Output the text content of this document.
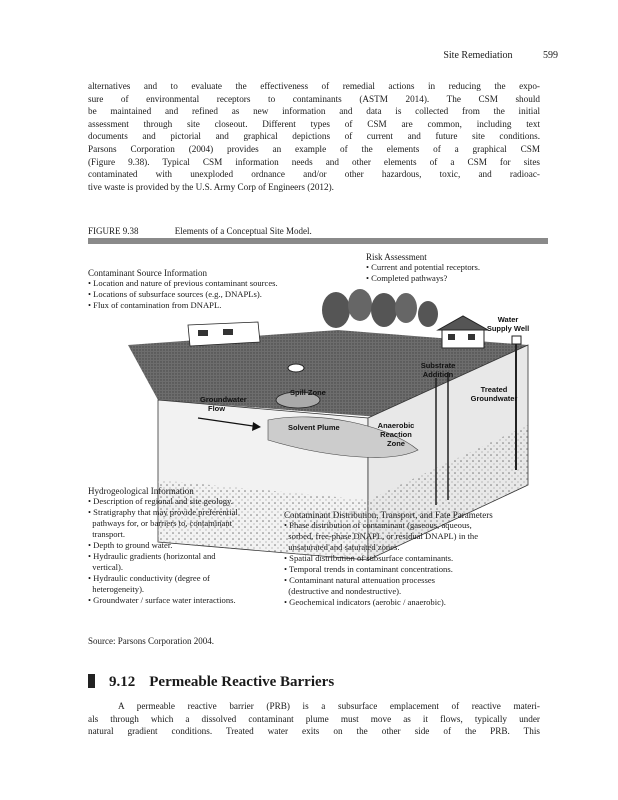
Site Remediation	599
alternatives and to evaluate the effectiveness of remedial actions in reducing the expo-
sure of environmental receptors to contaminants (ASTM 2014). The CSM should
be maintained and refined as new information and data is collected from the initial
assessment through site closeout. Different types of CSM are common, including text
documents and pictorial and graphical depictions of current and future site conditions.
Parsons Corporation (2004) provides an example of the elements of a graphical CSM
(Figure 9.38). Typical CSM information needs and other elements of a CSM for sites
contaminated with unexploded ordnance and/or other hazardous, toxic, and radioac-
tive waste is provided by the U.S. Army Corp of Engineers (2012).
FIGURE 9.38	Elements of a Conceptual Site Model.
Water Supply Well
Substrate Addition
Treated Groundwater
Groundwater Flow
Spill Zone
Solvent Plume	Anaerobic Reaction Zone
Risk Assessment
• Current and potential receptors.
• Completed pathways?
Contaminant Source Information
• Location and nature of previous contaminant sources.
• Locations of subsurface sources (e.g., DNAPLs).
• Flux of contamination from DNAPL.
Hydrogeological Information
• Description of regional and site geology.
• Stratigraphy that may provide preferential
pathways for, or barriers to, contaminant
transport.
• Depth to ground water.
• Hydraulic gradients (horizontal and
vertical).
• Hydraulic conductivity (degree of
heterogeneity).
• Groundwater / surface water interactions.
Contaminant Distribution, Transport, and Fate Parameters
• Phase distribution of contaminant (gaseous, aqueous,
sorbed, free-phase DNAPL, or residual DNAPL) in the
unsaturated and saturated zones.
• Spatial distribution of subsurface contaminants.
• Temporal trends in contaminant concentrations.
• Contaminant natural attenuation processes
(destructive and nondestructive).
• Geochemical indicators (aerobic / anaerobic).
Source: Parsons Corporation 2004.
9.12 Permeable Reactive Barriers
A permeable reactive barrier (PRB) is a subsurface emplacement of reactive materi-
als through which a dissolved contaminant plume must move as it flows, typically under
natural gradient conditions. Treated water exits on the other side of the PRB. This
